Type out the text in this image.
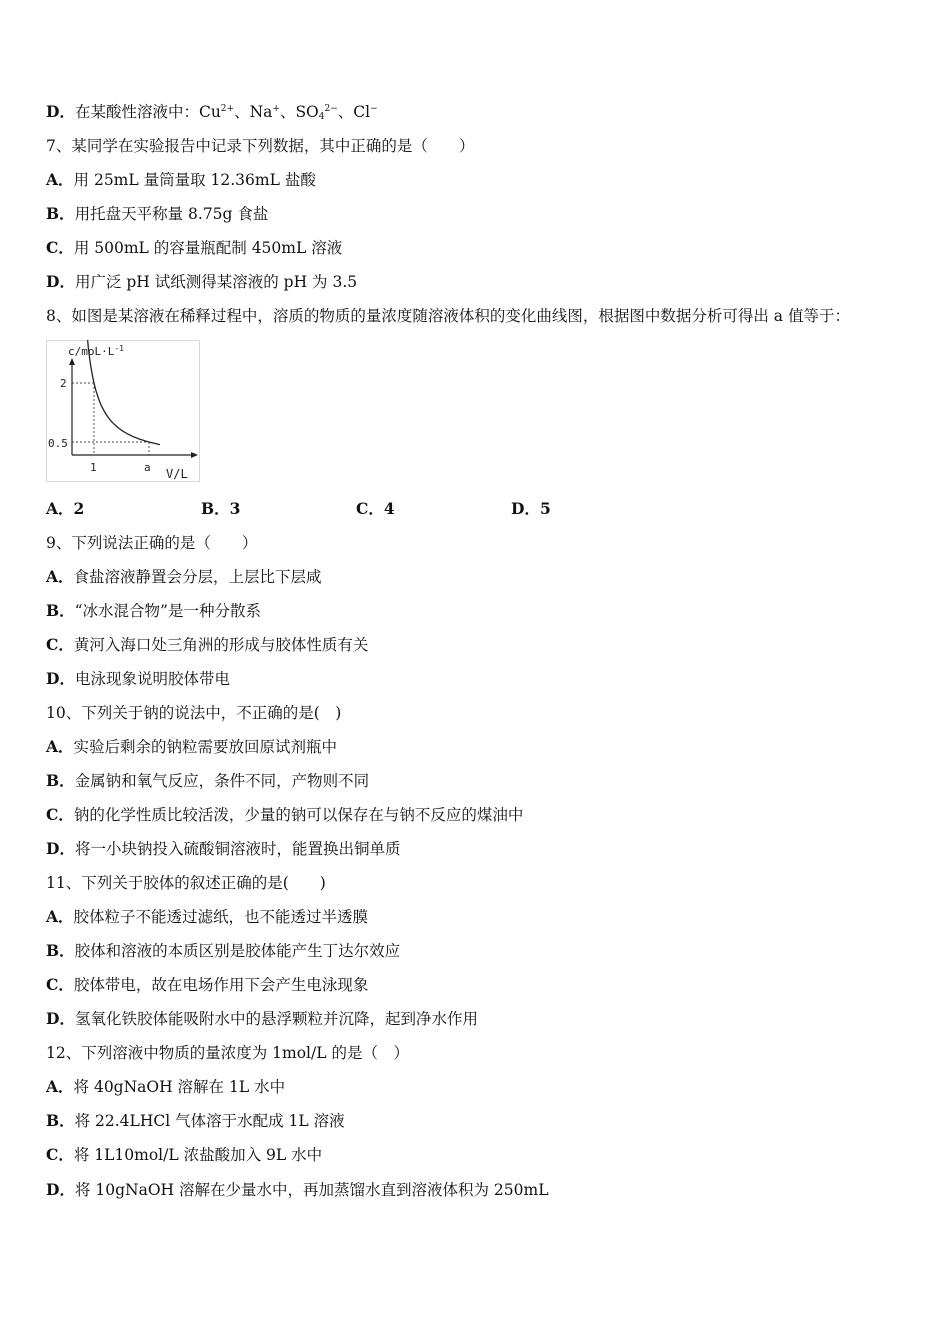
D．在某酸性溶液中：$Cu^{2+}$、Na+、$SO_4^{2-}$、Cl−
7、某同学在实验报告中记录下列数据，其中正确的是（　　）
A．用 25mL 量筒量取 12.36mL 盐酸
B．用托盘天平称量 8.75g 食盐
C．用 500mL 的容量瓶配制 450mL 溶液
D．用广泛 pH 试纸测得某溶液的 pH 为 3.5
8、如图是某溶液在稀释过程中，溶质的物质的量浓度随溶液体积的变化曲线图，根据图中数据分析可得出 a 值等于：
$c/moL\cdot L^{-1}$
2
0.5
1	a V/L
A．2	B．3	C．4	D．5
9、下列说法正确的是（　　）
A．食盐溶液静置会分层，上层比下层咸
B．“冰水混合物”是一种分散系
C．黄河入海口处三角洲的形成与胶体性质有关
D．电泳现象说明胶体带电
10、下列关于钠的说法中，不正确的是(　)
A．实验后剩余的钠粒需要放回原试剂瓶中
B．金属钠和氧气反应，条件不同，产物则不同
C．钠的化学性质比较活泼，少量的钠可以保存在与钠不反应的煤油中
D．将一小块钠投入硫酸铜溶液时，能置换出铜单质
11、下列关于胶体的叙述正确的是(　　)
A．胶体粒子不能透过滤纸，也不能透过半透膜
B．胶体和溶液的本质区别是胶体能产生丁达尔效应
C．胶体带电，故在电场作用下会产生电泳现象
D．氢氧化铁胶体能吸附水中的悬浮颗粒并沉降，起到净水作用
12、下列溶液中物质的量浓度为 1mol/L 的是（　）
A．将 40gNaOH 溶解在 1L 水中
B．将 22.4LHCl 气体溶于水配成 1L 溶液
C．将 1L10mol/L 浓盐酸加入 9L 水中
D．将 10gNaOH 溶解在少量水中，再加蒸馏水直到溶液体积为 250mL
